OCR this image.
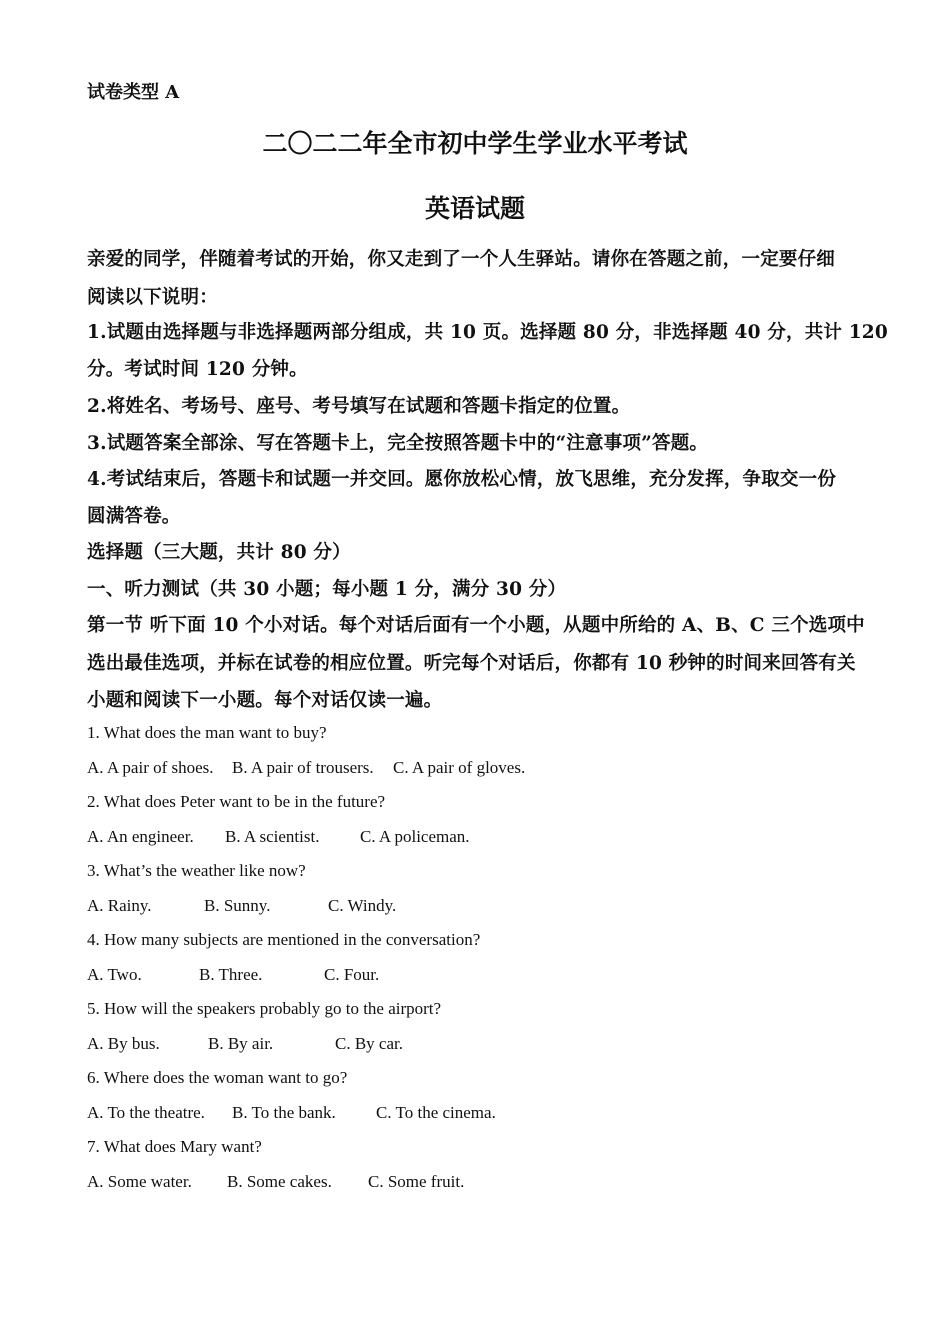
试卷类型 A
二〇二二年全市初中学生学业水平考试
英语试题
亲爱的同学，伴随着考试的开始，你又走到了一个人生驿站。请你在答题之前，一定要仔细
阅读以下说明：
1.试题由选择题与非选择题两部分组成，共 10 页。选择题 80 分，非选择题 40 分，共计 120
分。考试时间 120 分钟。
2.将姓名、考场号、座号、考号填写在试题和答题卡指定的位置。
3.试题答案全部涂、写在答题卡上，完全按照答题卡中的“注意事项”答题。
4.考试结束后，答题卡和试题一并交回。愿你放松心情，放飞思维，充分发挥，争取交一份
圆满答卷。
选择题（三大题，共计 80 分）
一、听力测试（共 30 小题；每小题 1 分，满分 30 分）
第一节 听下面 10 个小对话。每个对话后面有一个小题，从题中所给的 A、B、C 三个选项中
选出最佳选项，并标在试卷的相应位置。听完每个对话后，你都有 10 秒钟的时间来回答有关
小题和阅读下一小题。每个对话仅读一遍。
1. What does the man want to buy?
A. A pair of shoes. B. A pair of trousers. C. A pair of gloves.
2. What does Peter want to be in the future?
A. An engineer. B. A scientist. C. A policeman.
3. What’s the weather like now?
A. Rainy.	B. Sunny.	C. Windy.
4. How many subjects are mentioned in the conversation?
A. Two.	B. Three.	C. Four.
5. How will the speakers probably go to the airport?
A. By bus.	B. By air.	C. By car.
6. Where does the woman want to go?
A. To the theatre. B. To the bank. C. To the cinema.
7. What does Mary want?
A. Some water. B. Some cakes. C. Some fruit.
